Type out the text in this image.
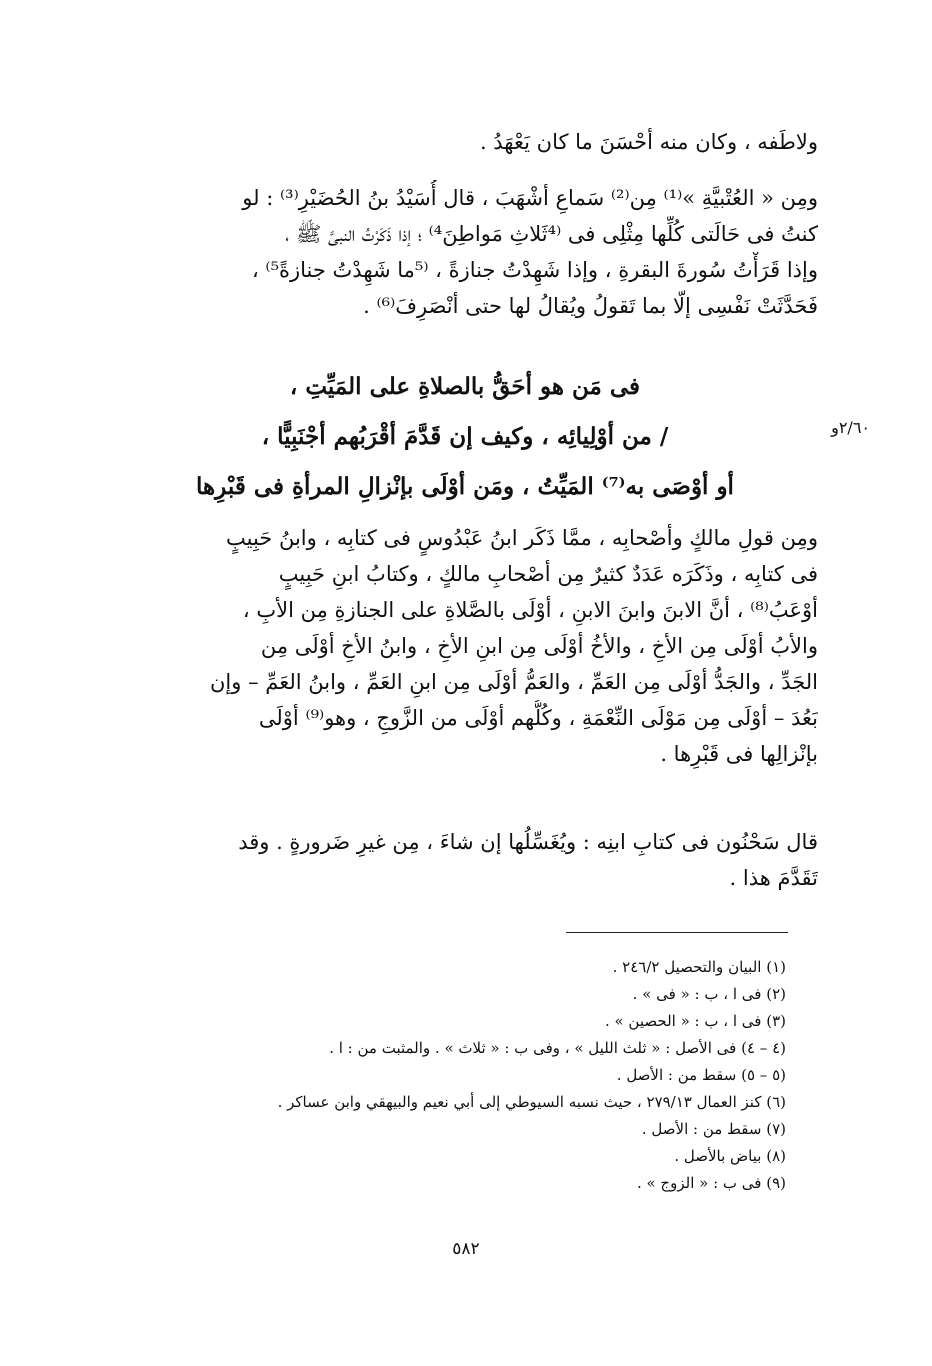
ولاطَفه ، وكان منه أحْسَنَ ما كان يَعْهَدُ .
ومِن « العُتْبيَّةِ »⁽¹⁾ مِن⁽²⁾ سَماعِ أشْهَبَ ، قال أُسَيْدُ بنُ الحُضَيْرِ⁽³⁾ : لو
كنتُ فى حَالَتى كُلِّها مِثْلِى فى ⁽⁴ثَلاثِ مَواطِنَ⁴⁾ ؛ إذا ذَكَرْتُ النبىَّ ﷺ ،
وإذا قَرَأْتُ سُورةَ البقرةِ ، وإذا شَهِدْتُ جنازةً ، ⁽⁵ما شَهِدْتُ جنازةً⁵⁾ ،
فَحَدَّثَتْ نَفْسِى إلّا بما تَقولُ ويُقالُ لها حتى أنْصَرِفَ⁽⁶⁾ .
فى مَن هو أحَقُّ بالصلاةِ على المَيِّتِ ،
/ من أوْلِيائِه ، وكيف إن قَدَّمَ أقْرَبُهم أجْنَبِيًّا ،
أو أوْصَى به⁽⁷⁾ المَيِّتُ ، ومَن أوْلَى بإنْزالِ المرأةِ فى قَبْرِها
٢/٦٠و
ومِن قولِ مالكٍ وأصْحابِه ، ممَّا ذَكَر ابنُ عَبْدُوسٍ فى كتابِه ، وابنُ حَبِيبٍ
فى كتابِه ، وذَكَرَه عَدَدٌ كثيرٌ مِن أصْحابِ مالكٍ ، وكتابُ ابنِ حَبِيبٍ
أوْعَبُ⁽⁸⁾ ، أنَّ الابنَ وابنَ الابنِ ، أوْلَى بالصَّلاةِ على الجنازةِ مِن الأبِ ،
والأبُ أوْلَى مِن الأخِ ، والأخُ أوْلَى مِن ابنِ الأخِ ، وابنُ الأخِ أوْلَى مِن
الجَدِّ ، والجَدُّ أوْلَى مِن العَمِّ ، والعَمُّ أوْلَى مِن ابنِ العَمِّ ، وابنُ العَمِّ – وإن
بَعُدَ – أوْلَى مِن مَوْلَى النِّعْمَةِ ، وكُلُّهم أوْلَى من الزَّوجِ ، وهو⁽⁹⁾ أوْلَى
بإنْزالِها فى قَبْرِها .
قال سَحْنُون فى كتابِ ابنِه : ويُغَسِّلُها إن شاءَ ، مِن غيرِ ضَرورةٍ . وقد
تَقَدَّمَ هذا .
(١) البيان والتحصيل ٢٤٦/٢ .
(٢) فى ا ، ب : « فى » .
(٣) فى ا ، ب : « الحصين » .
(٤ – ٤) فى الأصل : « ثلث الليل » ، وفى ب : « ثلاث » . والمثبت من : ا .
(٥ – ٥) سقط من : الأصل .
(٦) كنز العمال ٢٧٩/١٣ ، حيث نسبه السيوطي إلى أبي نعيم والبيهقي وابن عساكر .
(٧) سقط من : الأصل .
(٨) بياض بالأصل .
(٩) فى ب : « الزوج » .
٥٨٢
